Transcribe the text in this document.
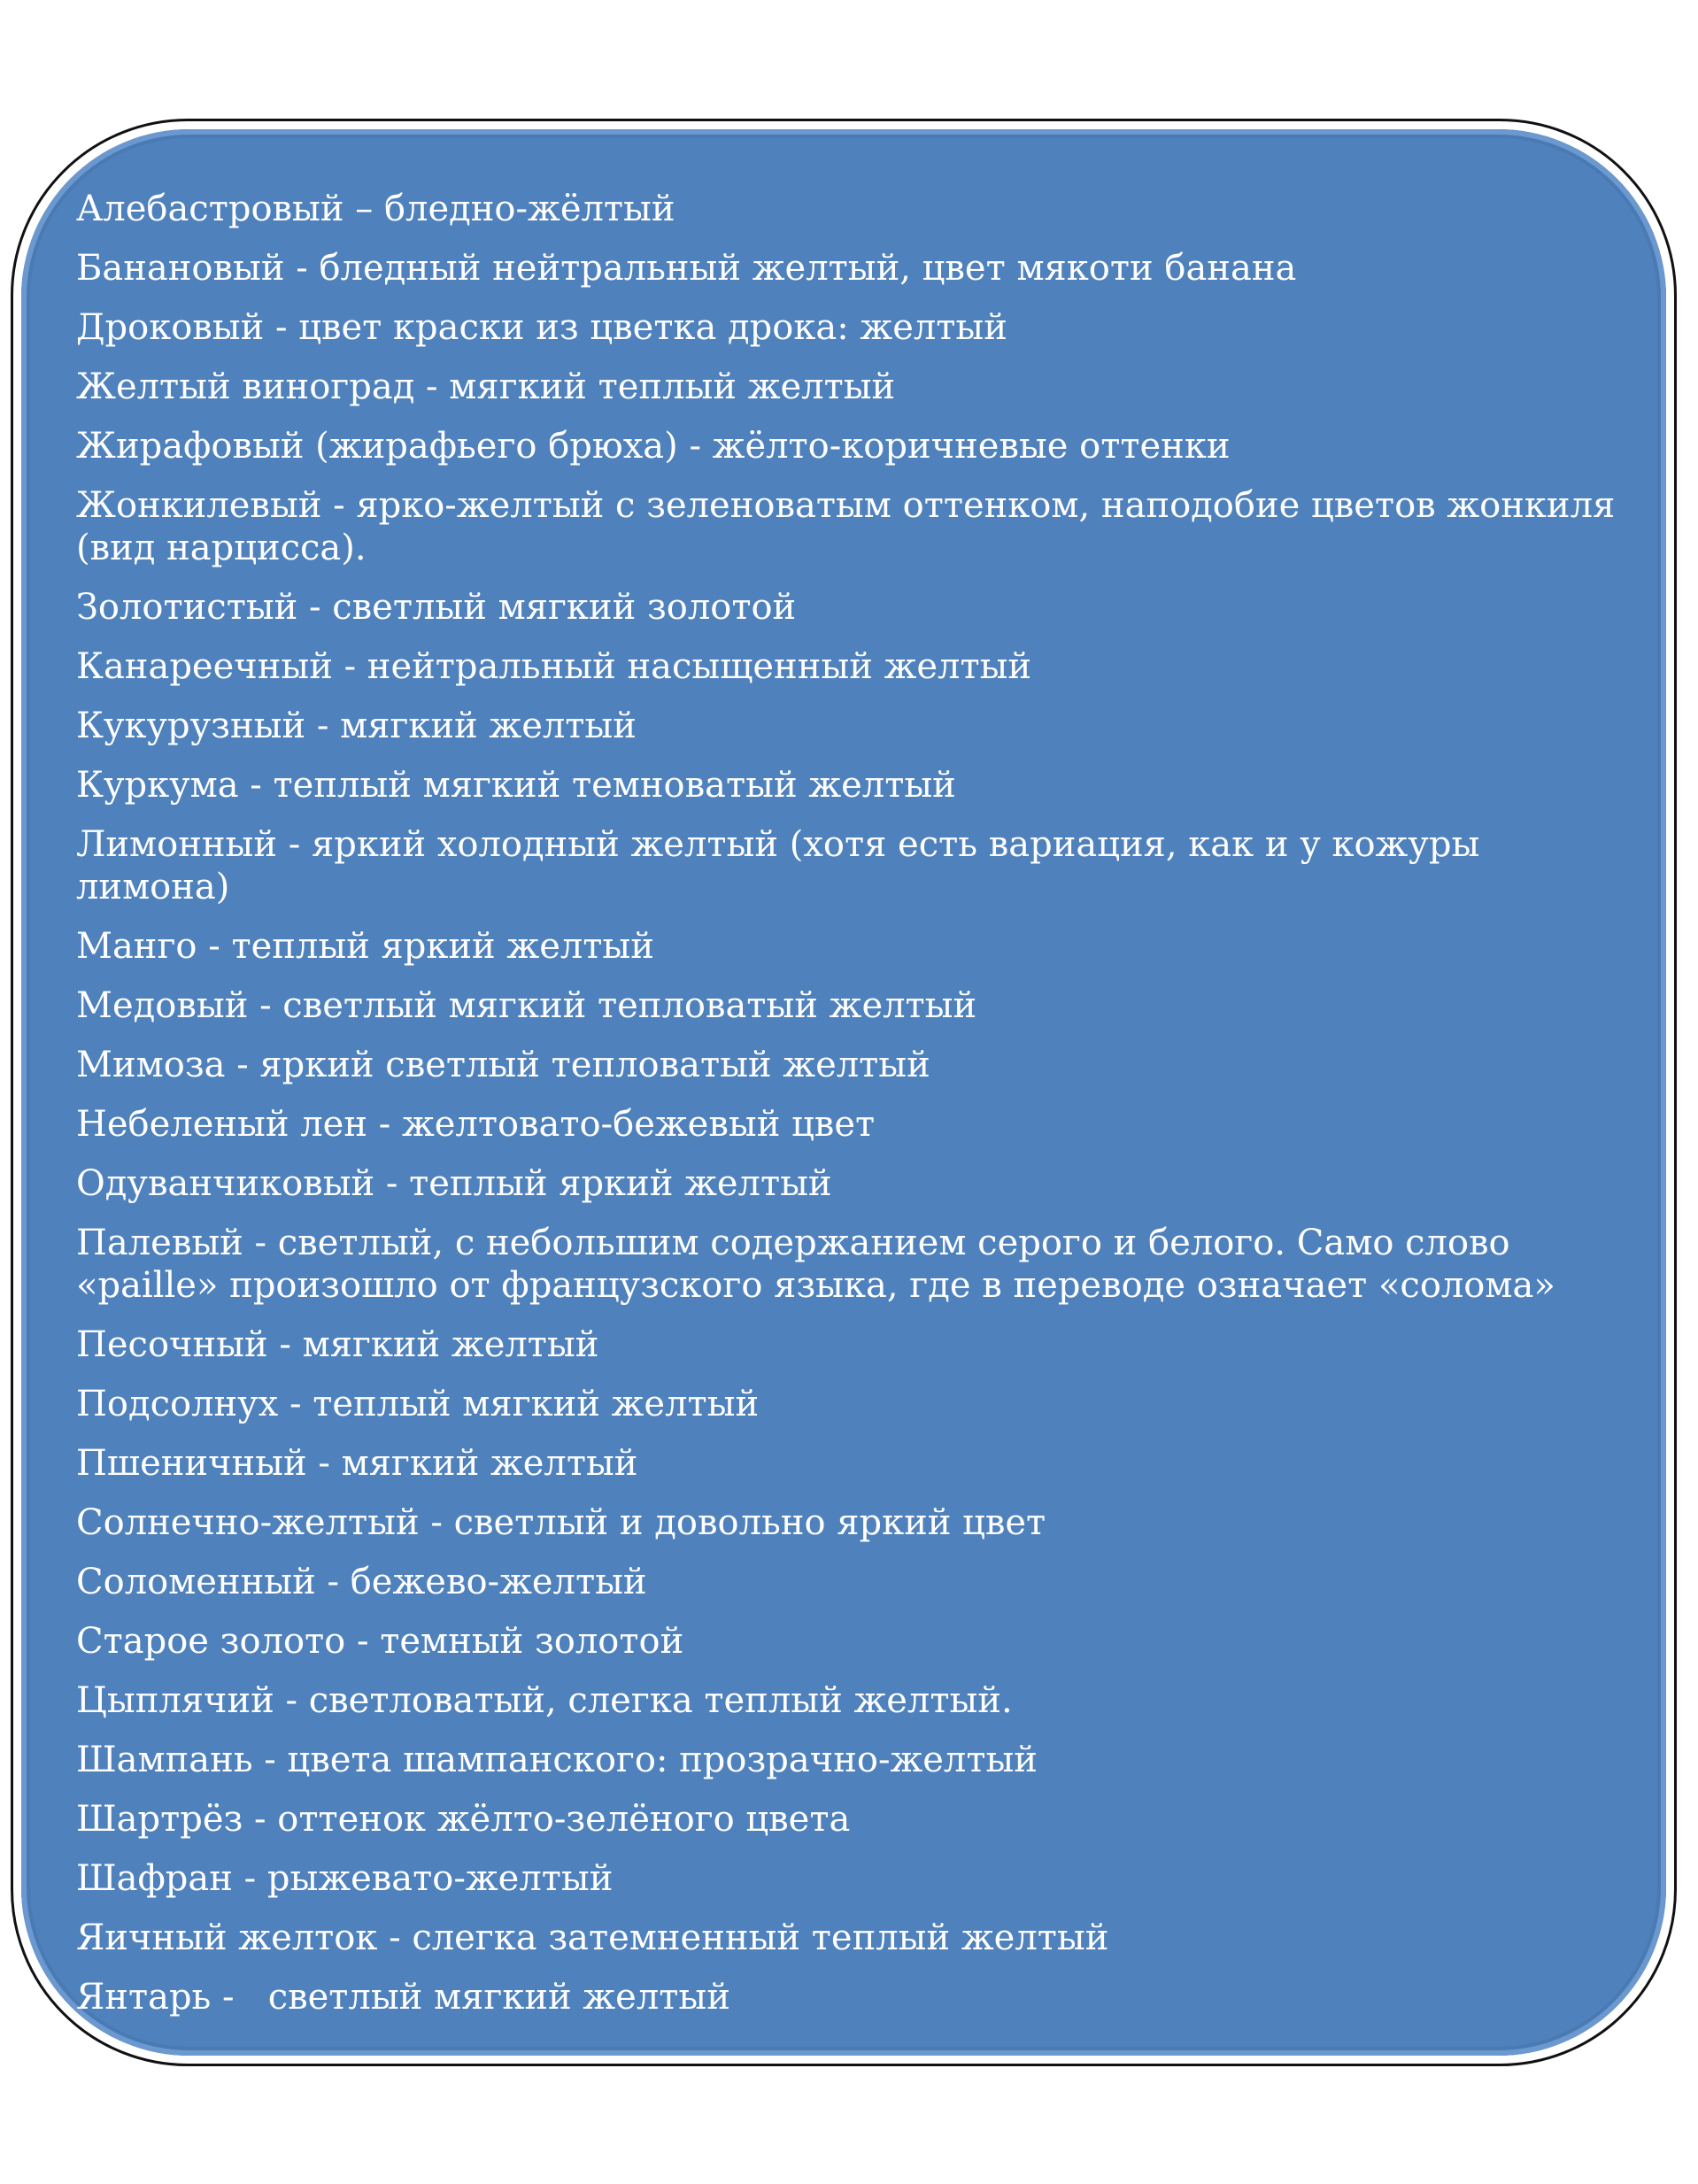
Алебастровый – бледно-жёлтый
Банановый - бледный нейтральный желтый, цвет мякоти банана
Дроковый - цвет краски из цветка дрока: желтый
Желтый виноград - мягкий теплый желтый
Жирафовый (жирафьего брюха) - жёлто-коричневые оттенки
Жонкилевый - ярко-желтый с зеленоватым оттенком, наподобие цветов жонкиля (вид нарцисса).
Золотистый - светлый мягкий золотой
Канареечный - нейтральный насыщенный желтый
Кукурузный - мягкий желтый
Куркума - теплый мягкий темноватый желтый
Лимонный - яркий холодный желтый (хотя есть вариация, как и у кожуры лимона)
Манго - теплый яркий желтый
Медовый - светлый мягкий тепловатый желтый
Мимоза - яркий светлый тепловатый желтый
Небеленый лен - желтовато-бежевый цвет
Одуванчиковый - теплый яркий желтый
Палевый - светлый, с небольшим содержанием серого и белого. Само слово «paille» произошло от французского языка, где в переводе означает «солома»
Песочный - мягкий желтый
Подсолнух - теплый мягкий желтый
Пшеничный - мягкий желтый
Солнечно-желтый - светлый и довольно яркий цвет
Соломенный - бежево-желтый
Старое золото - темный золотой
Цыплячий - светловатый, слегка теплый желтый.
Шампань - цвета шампанского: прозрачно-желтый
Шартрёз - оттенок жёлто-зелёного цвета
Шафран - рыжевато-желтый
Яичный желток - слегка затемненный теплый желтый
Янтарь -   светлый мягкий желтый
